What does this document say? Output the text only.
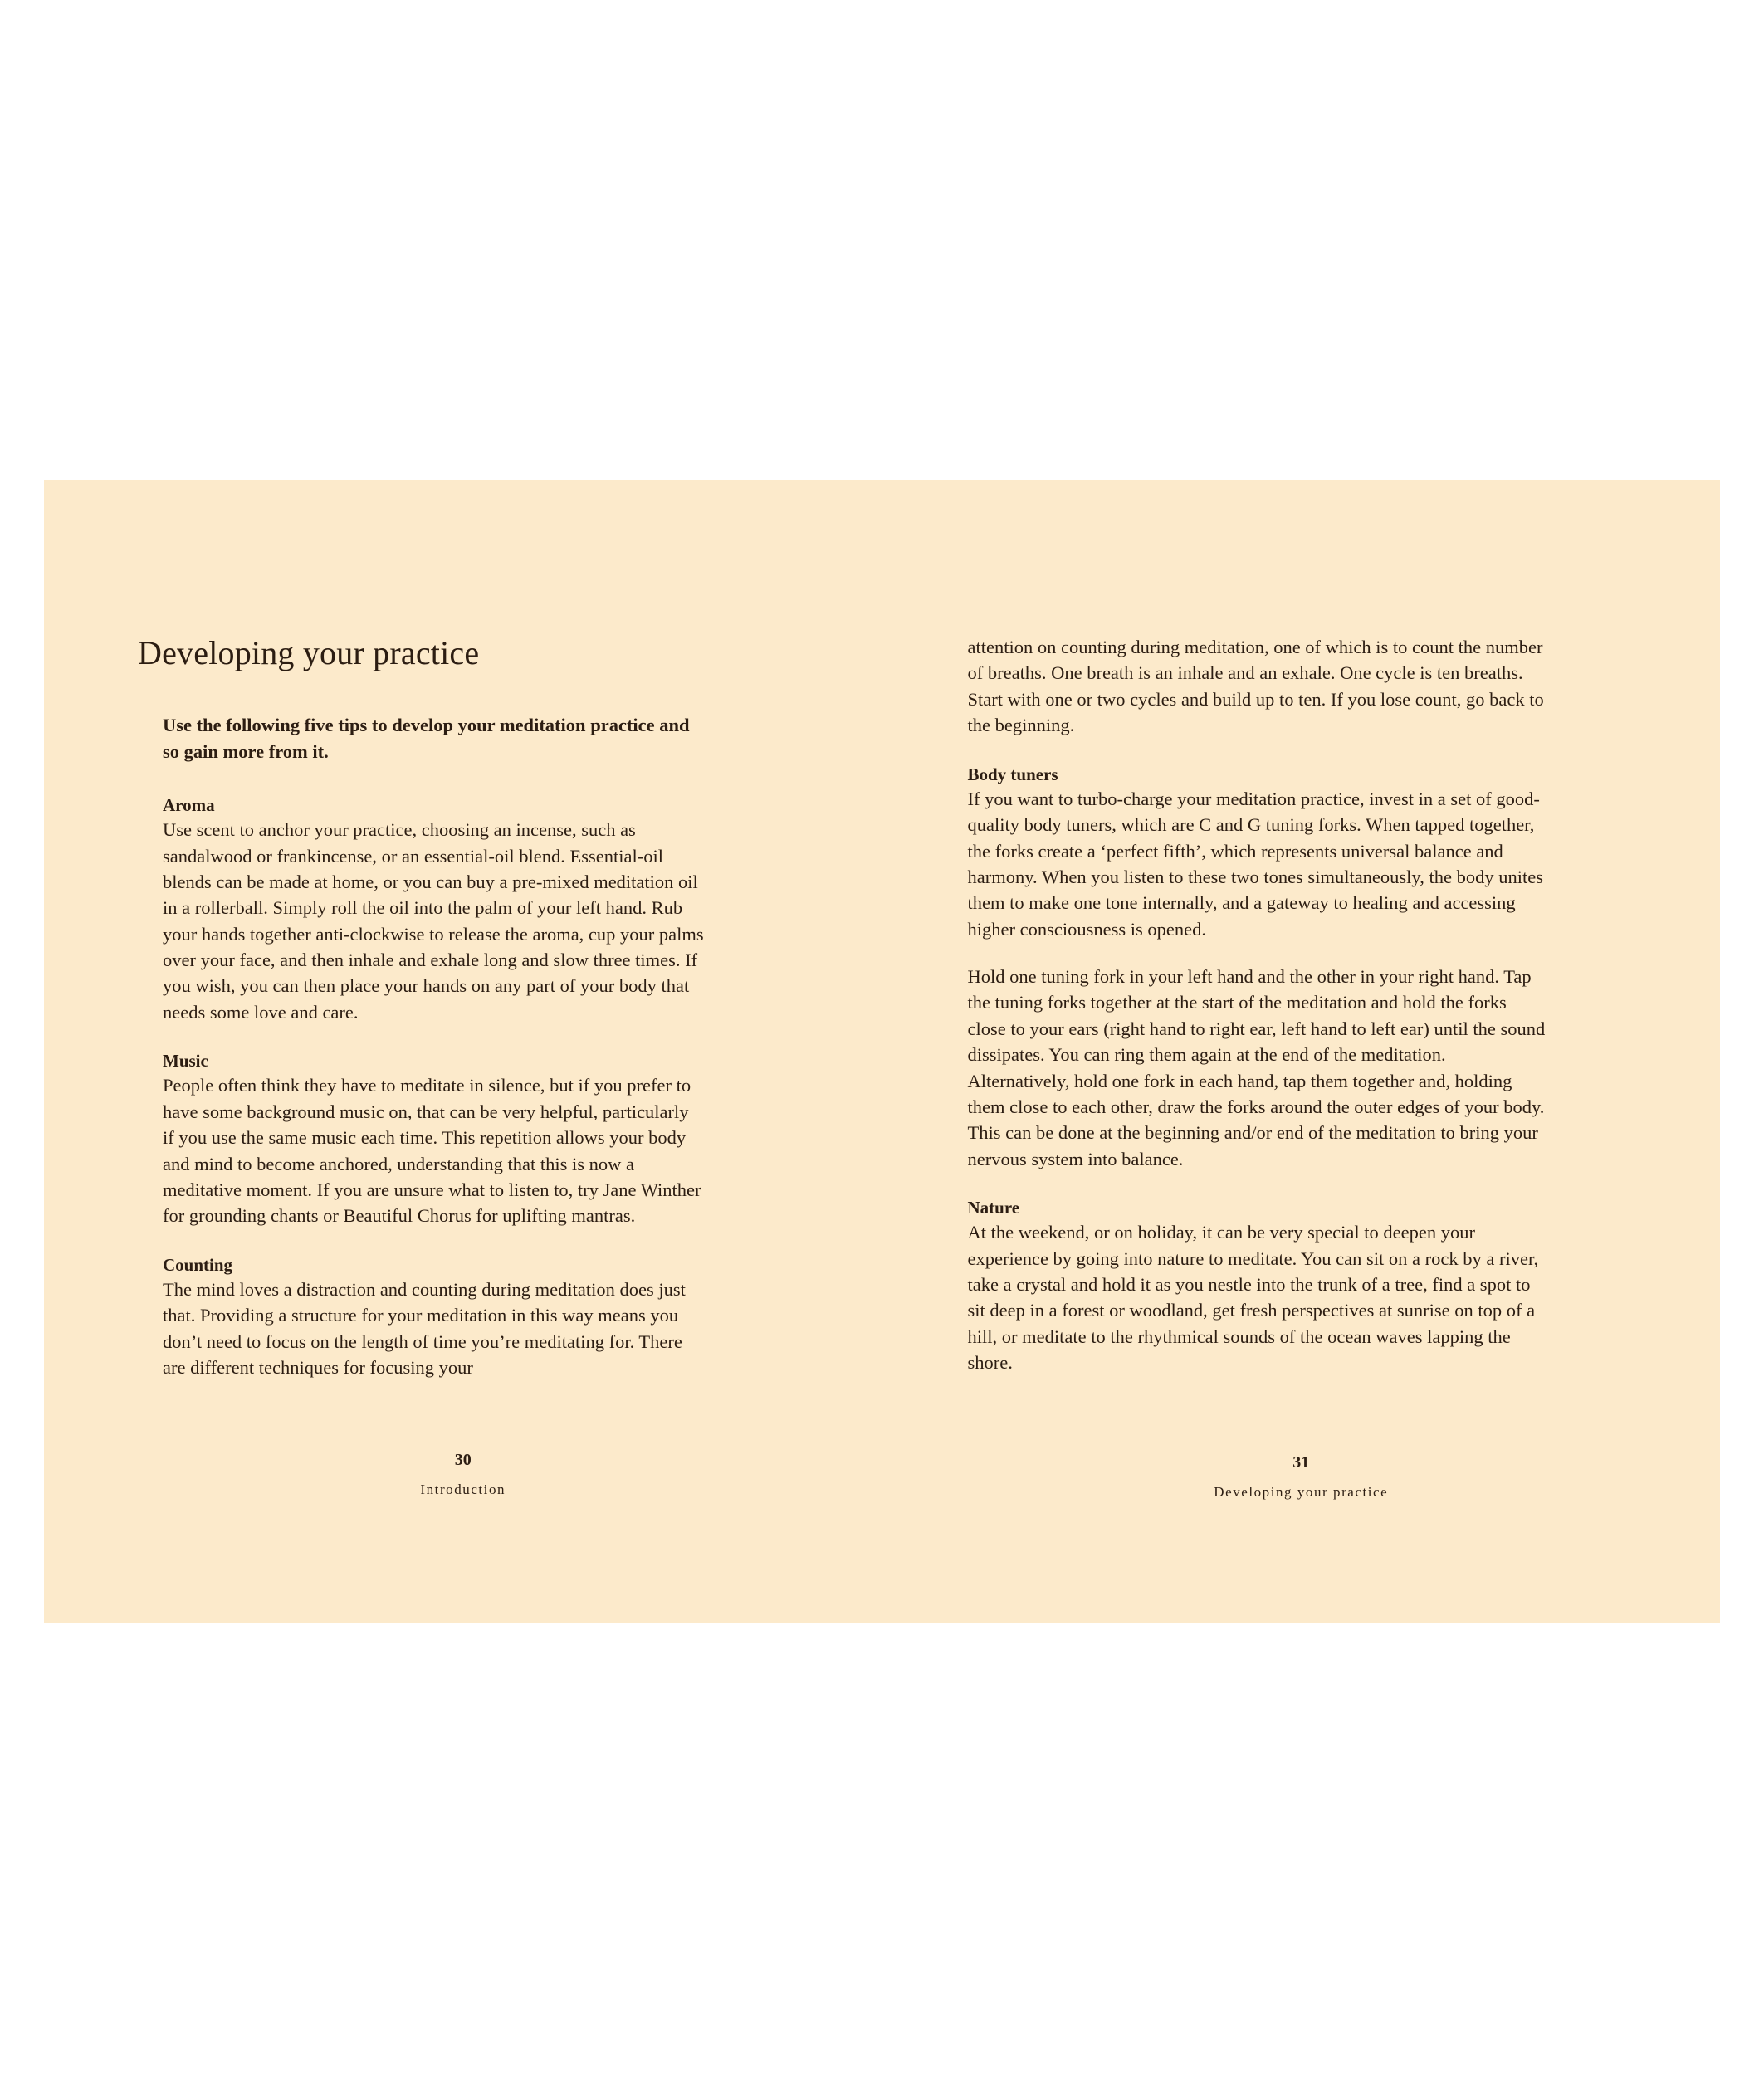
Developing your practice

Use the following five tips to develop your meditation practice and so gain more from it.

Aroma

Use scent to anchor your practice, choosing an incense, such as sandalwood or frankincense, or an essential-oil blend. Essential-oil blends can be made at home, or you can buy a pre-mixed meditation oil in a rollerball. Simply roll the oil into the palm of your left hand. Rub your hands together anti-clockwise to release the aroma, cup your palms over your face, and then inhale and exhale long and slow three times. If you wish, you can then place your hands on any part of your body that needs some love and care.

Music

People often think they have to meditate in silence, but if you prefer to have some background music on, that can be very helpful, particularly if you use the same music each time. This repetition allows your body and mind to become anchored, understanding that this is now a meditative moment. If you are unsure what to listen to, try Jane Winther for grounding chants or Beautiful Chorus for uplifting mantras.

Counting

The mind loves a distraction and counting during meditation does just that. Providing a structure for your meditation in this way means you don’t need to focus on the length of time you’re meditating for. There are different techniques for focusing your

30
Introduction

attention on counting during meditation, one of which is to count the number of breaths. One breath is an inhale and an exhale. One cycle is ten breaths. Start with one or two cycles and build up to ten. If you lose count, go back to the beginning.

Body tuners

If you want to turbo-charge your meditation practice, invest in a set of good-quality body tuners, which are C and G tuning forks. When tapped together, the forks create a ‘perfect fifth’, which represents universal balance and harmony. When you listen to these two tones simultaneously, the body unites them to make one tone internally, and a gateway to healing and accessing higher consciousness is opened.

Hold one tuning fork in your left hand and the other in your right hand. Tap the tuning forks together at the start of the meditation and hold the forks close to your ears (right hand to right ear, left hand to left ear) until the sound dissipates. You can ring them again at the end of the meditation. Alternatively, hold one fork in each hand, tap them together and, holding them close to each other, draw the forks around the outer edges of your body. This can be done at the beginning and/or end of the meditation to bring your nervous system into balance.

Nature

At the weekend, or on holiday, it can be very special to deepen your experience by going into nature to meditate. You can sit on a rock by a river, take a crystal and hold it as you nestle into the trunk of a tree, find a spot to sit deep in a forest or woodland, get fresh perspectives at sunrise on top of a hill, or meditate to the rhythmical sounds of the ocean waves lapping the shore.

31
Developing your practice
